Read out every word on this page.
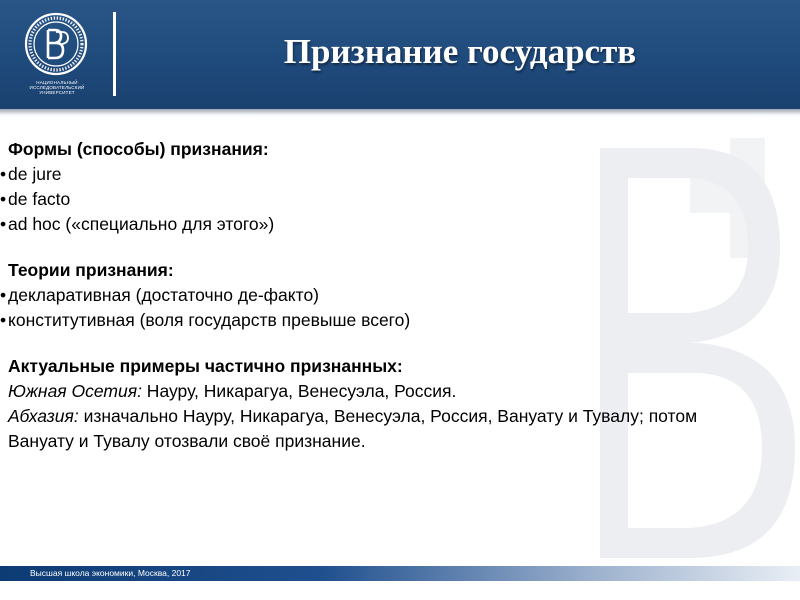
НАЦИОНАЛЬНЫЙ ИССЛЕДОВАТЕЛЬСКИЙ УНИВЕРСИТЕТ
Признание государств
Формы (способы) признания:
• de jure
• de facto
• ad hoc («специально для этого»)
Теории признания:
• декларативная (достаточно де-факто)
• конститутивная (воля государств превыше всего)
Актуальные примеры частично признанных:
Южная Осетия: Науру, Никарагуа, Венесуэла, Россия.
Абхазия: изначально Науру, Никарагуа, Венесуэла, Россия, Вануату и Тувалу; потом Вануату и Тувалу отозвали своё признание.
Высшая школа экономики, Москва, 2017
